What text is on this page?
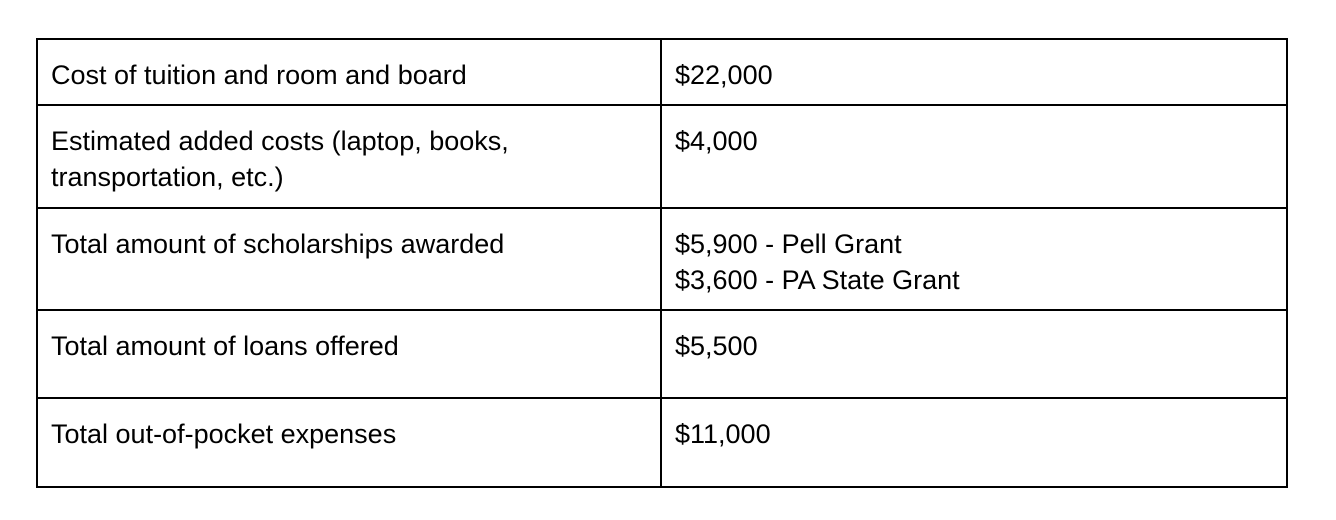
Cost of tuition and room and board	$22,000

Estimated added costs (laptop, books, transportation, etc.)	$4,000

Total amount of scholarships awarded	$5,900 - Pell Grant
$3,600 - PA State Grant

Total amount of loans offered	$5,500

Total out-of-pocket expenses	$11,000
